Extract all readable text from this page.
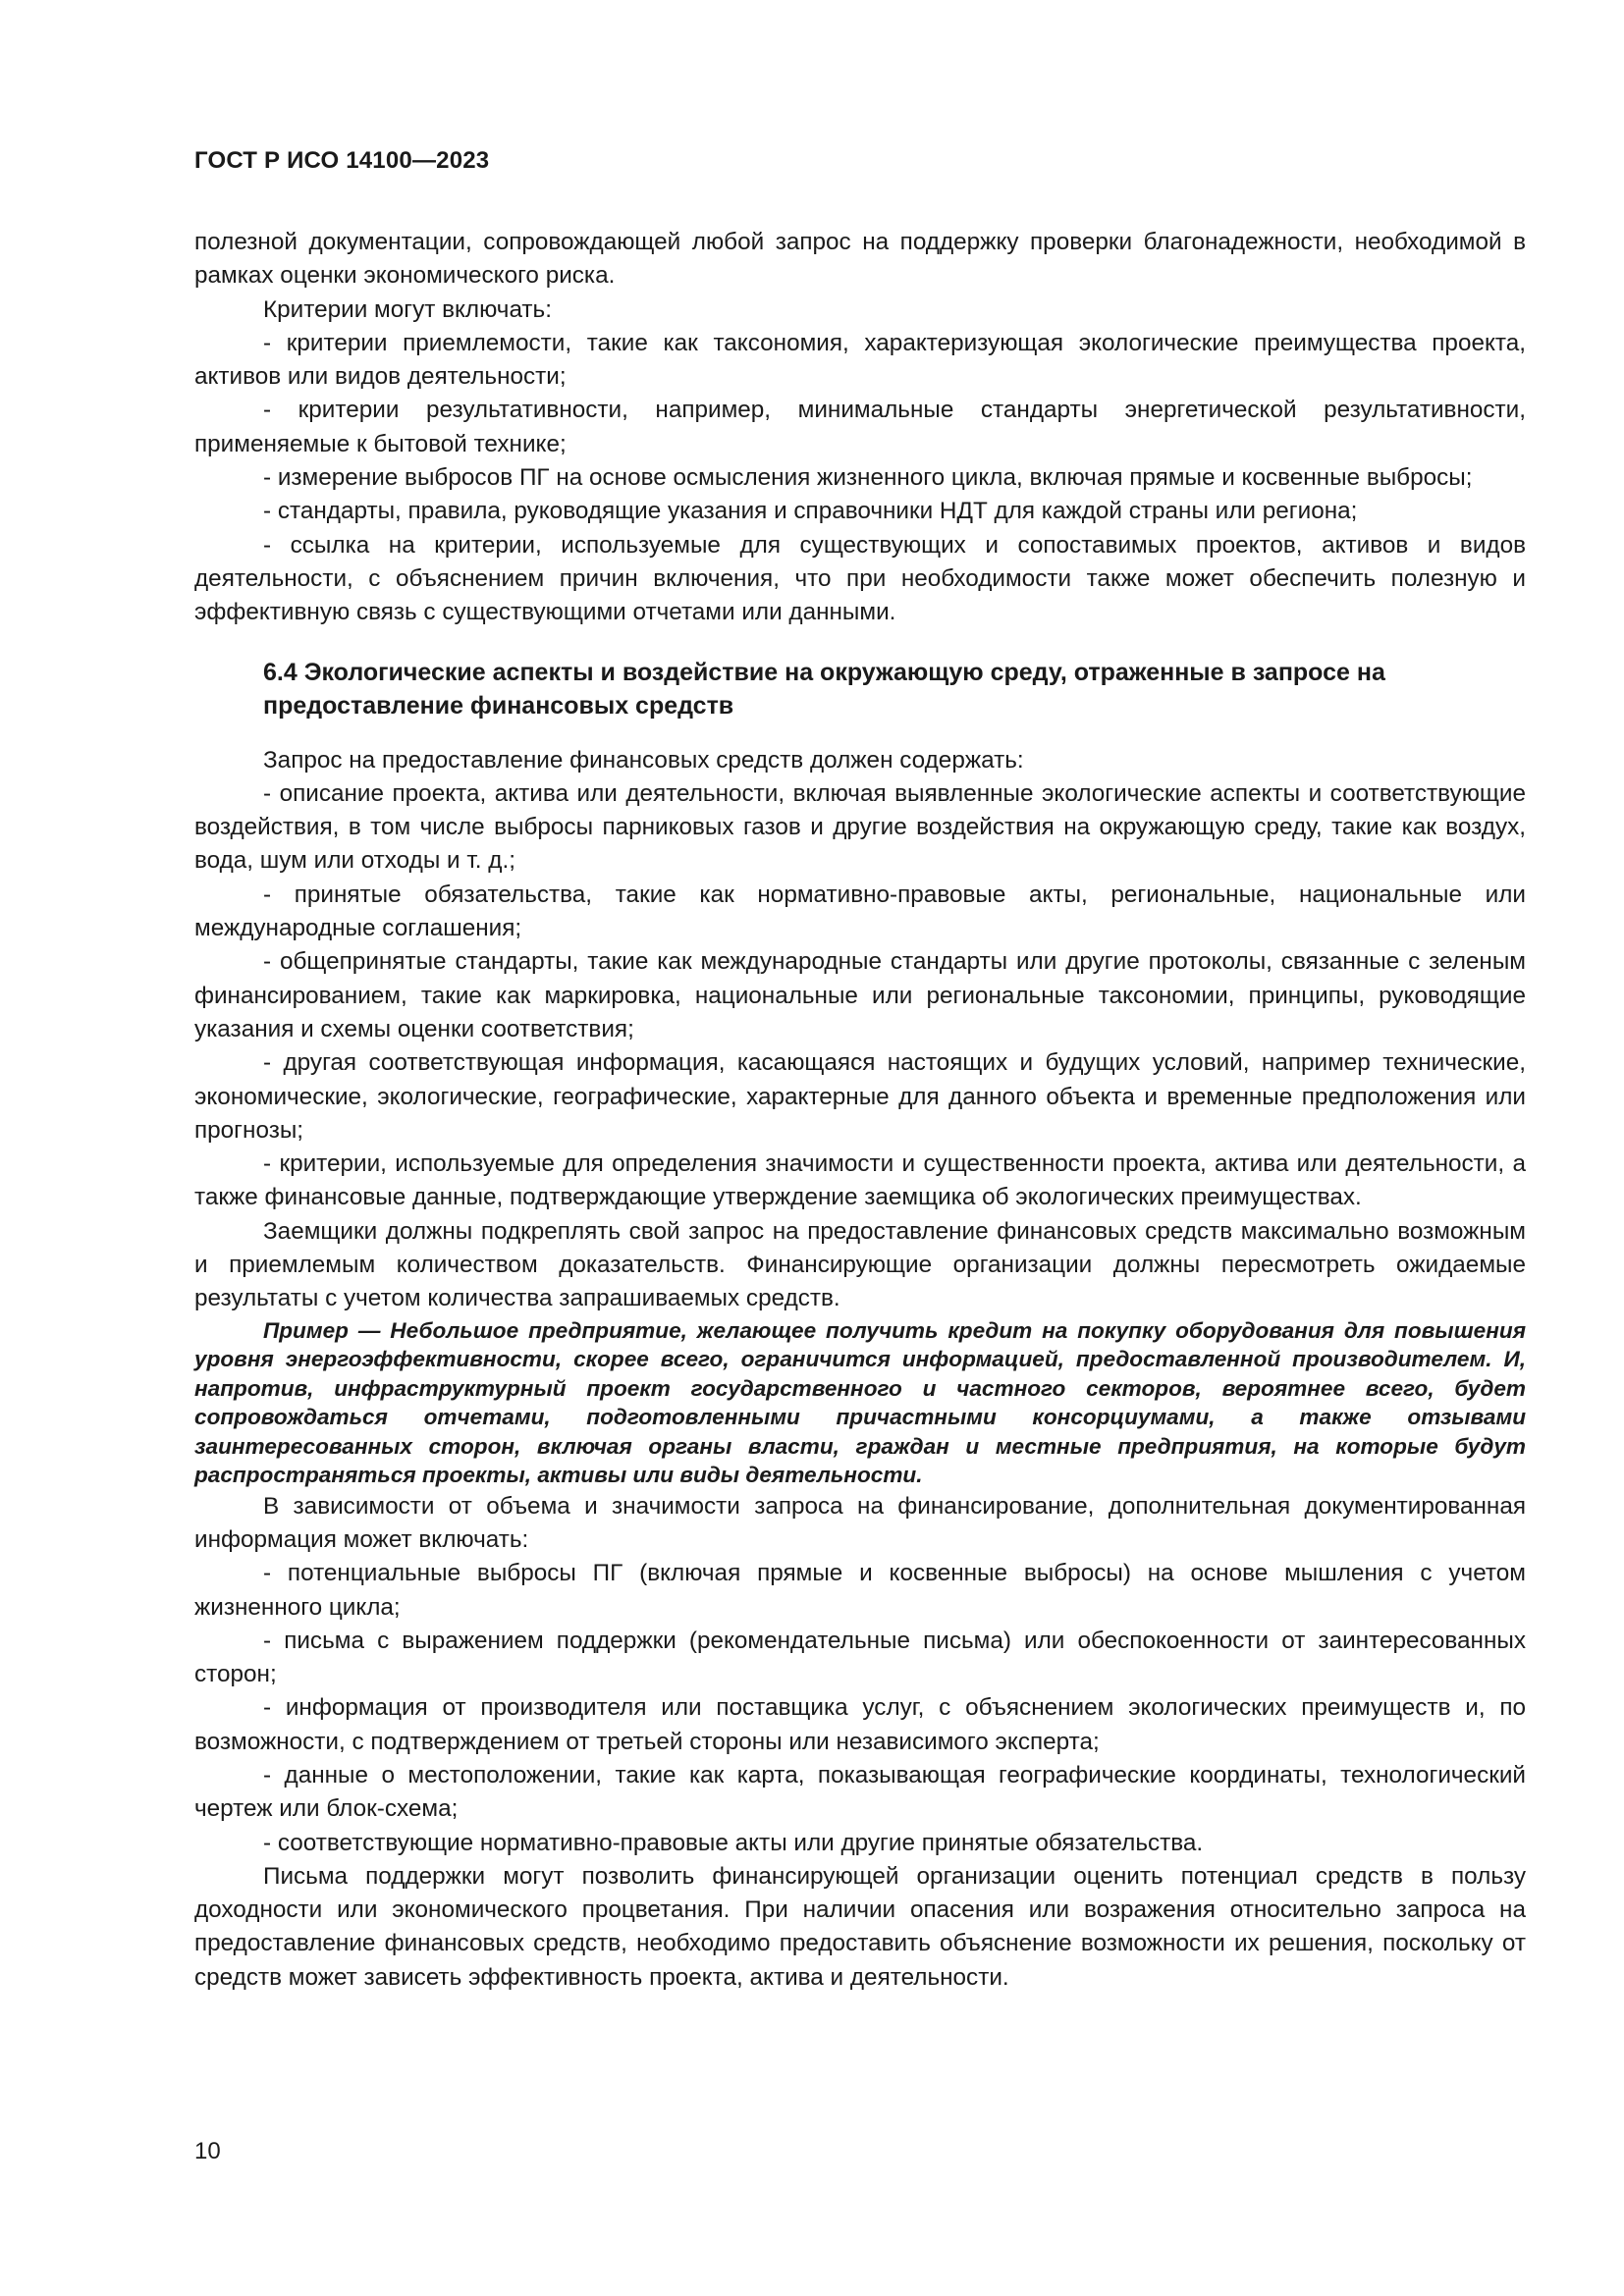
ГОСТ Р ИСО 14100—2023

полезной документации, сопровождающей любой запрос на поддержку проверки благонадежности, необходимой в рамках оценки экономического риска.

Критерии могут включать:

- критерии приемлемости, такие как таксономия, характеризующая экологические преимущества проекта, активов или видов деятельности;

- критерии результативности, например, минимальные стандарты энергетической результативности, применяемые к бытовой технике;

- измерение выбросов ПГ на основе осмысления жизненного цикла, включая прямые и косвенные выбросы;

- стандарты, правила, руководящие указания и справочники НДТ для каждой страны или региона;

- ссылка на критерии, используемые для существующих и сопоставимых проектов, активов и видов деятельности, с объяснением причин включения, что при необходимости также может обеспечить полезную и эффективную связь с существующими отчетами или данными.

6.4 Экологические аспекты и воздействие на окружающую среду, отраженные в запросе на предоставление финансовых средств

Запрос на предоставление финансовых средств должен содержать:

- описание проекта, актива или деятельности, включая выявленные экологические аспекты и соответствующие воздействия, в том числе выбросы парниковых газов и другие воздействия на окружающую среду, такие как воздух, вода, шум или отходы и т. д.;

- принятые обязательства, такие как нормативно-правовые акты, региональные, национальные или международные соглашения;

- общепринятые стандарты, такие как международные стандарты или другие протоколы, связанные с зеленым финансированием, такие как маркировка, национальные или региональные таксономии, принципы, руководящие указания и схемы оценки соответствия;

- другая соответствующая информация, касающаяся настоящих и будущих условий, например технические, экономические, экологические, географические, характерные для данного объекта и временные предположения или прогнозы;

- критерии, используемые для определения значимости и существенности проекта, актива или деятельности, а также финансовые данные, подтверждающие утверждение заемщика об экологических преимуществах.

Заемщики должны подкреплять свой запрос на предоставление финансовых средств максимально возможным и приемлемым количеством доказательств. Финансирующие организации должны пересмотреть ожидаемые результаты с учетом количества запрашиваемых средств.

Пример — Небольшое предприятие, желающее получить кредит на покупку оборудования для повышения уровня энергоэффективности, скорее всего, ограничится информацией, предоставленной производителем. И, напротив, инфраструктурный проект государственного и частного секторов, вероятнее всего, будет сопровождаться отчетами, подготовленными причастными консорциумами, а также отзывами заинтересованных сторон, включая органы власти, граждан и местные предприятия, на которые будут распространяться проекты, активы или виды деятельности.

В зависимости от объема и значимости запроса на финансирование, дополнительная документированная информация может включать:

- потенциальные выбросы ПГ (включая прямые и косвенные выбросы) на основе мышления с учетом жизненного цикла;

- письма с выражением поддержки (рекомендательные письма) или обеспокоенности от заинтересованных сторон;

- информация от производителя или поставщика услуг, с объяснением экологических преимуществ и, по возможности, с подтверждением от третьей стороны или независимого эксперта;

- данные о местоположении, такие как карта, показывающая географические координаты, технологический чертеж или блок-схема;

- соответствующие нормативно-правовые акты или другие принятые обязательства.

Письма поддержки могут позволить финансирующей организации оценить потенциал средств в пользу доходности или экономического процветания. При наличии опасения или возражения относительно запроса на предоставление финансовых средств, необходимо предоставить объяснение возможности их решения, поскольку от средств может зависеть эффективность проекта, актива и деятельности.

10
